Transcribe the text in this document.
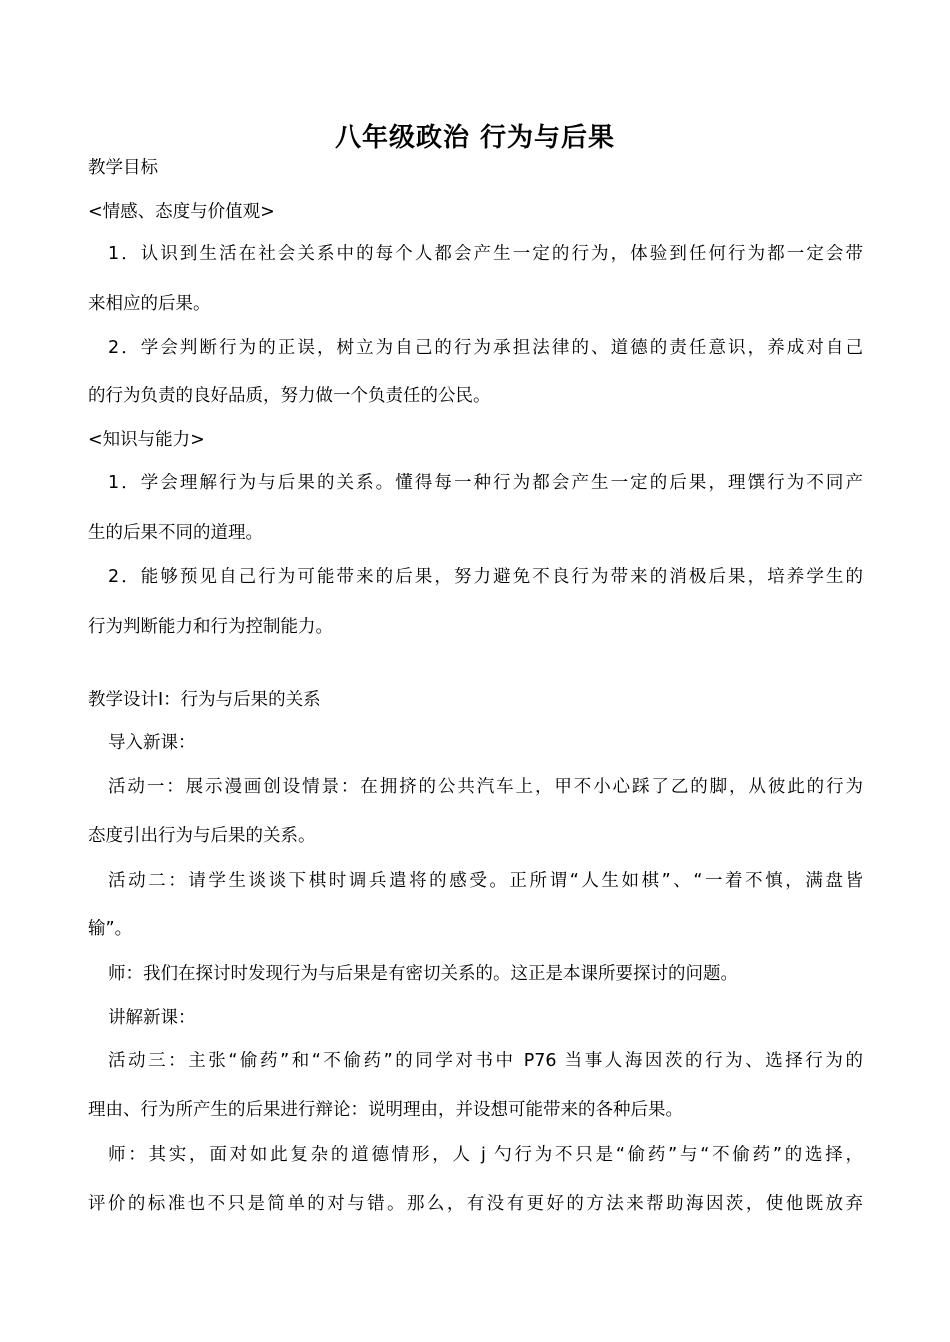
八年级政治 行为与后果
教学目标
<情感、态度与价值观>
1．认识到生活在社会关系中的每个人都会产生一定的行为，体验到任何行为都一定会带
来相应的后果。
2．学会判断行为的正误，树立为自己的行为承担法律的、道德的责任意识，养成对自己
的行为负责的良好品质，努力做一个负责任的公民。
<知识与能力>
1．学会理解行为与后果的关系。懂得每一种行为都会产生一定的后果，理馔行为不同产
生的后果不同的道理。
2．能够预见自己行为可能带来的后果，努力避免不良行为带来的消极后果，培养学生的
行为判断能力和行为控制能力。
教学设计Ⅰ：行为与后果的关系
导入新课：
活动一：展示漫画创设情景：在拥挤的公共汽车上，甲不小心踩了乙的脚，从彼此的行为
态度引出行为与后果的关系。
活动二：请学生谈谈下棋时调兵遣将的感受。正所谓“人生如棋”、“一着不慎，满盘皆
输”。
师：我们在探讨时发现行为与后果是有密切关系的。这正是本课所要探讨的问题。
讲解新课：
活动三：主张“偷药”和“不偷药”的同学对书中 P76 当事人海因茨的行为、选择行为的
理由、行为所产生的后果进行辩论：说明理由，并设想可能带来的各种后果。
师：其实，面对如此复杂的道德情形，人 j 勺行为不只是“偷药”与“不偷药”的选择，
评价的标准也不只是简单的对与错。那么，有没有更好的方法来帮助海因茨，使他既放弃
